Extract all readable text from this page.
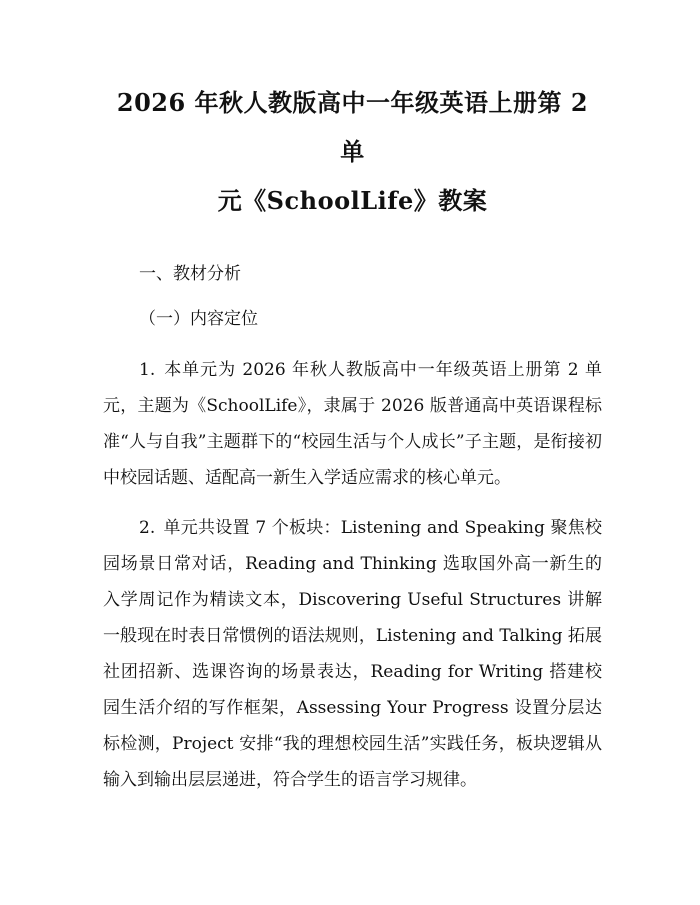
2026 年秋人教版高中一年级英语上册第 2 单
元《SchoolLife》教案

一、教材分析

（一）内容定位

1. 本单元为 2026 年秋人教版高中一年级英语上册第 2 单元，主题为《SchoolLife》，隶属于 2026 版普通高中英语课程标准“人与自我”主题群下的“校园生活与个人成长”子主题，是衔接初中校园话题、适配高一新生入学适应需求的核心单元。

2. 单元共设置 7 个板块：Listening and Speaking 聚焦校园场景日常对话，Reading and Thinking 选取国外高一新生的入学周记作为精读文本，Discovering Useful Structures 讲解一般现在时表日常惯例的语法规则，Listening and Talking 拓展社团招新、选课咨询的场景表达，Reading for Writing 搭建校园生活介绍的写作框架，Assessing Your Progress 设置分层达标检测，Project 安排“我的理想校园生活”实践任务，板块逻辑从输入到输出层层递进，符合学生的语言学习规律。
